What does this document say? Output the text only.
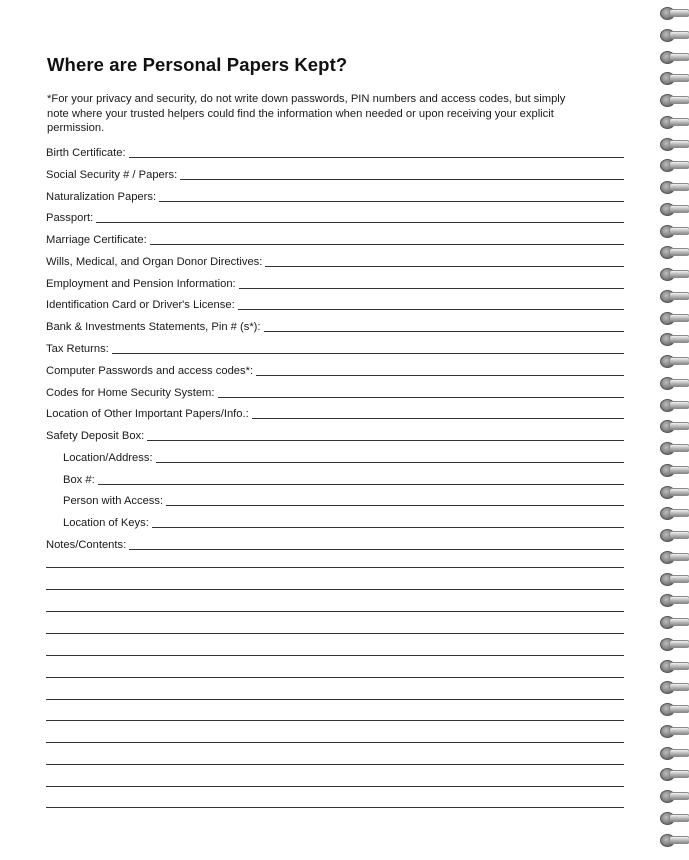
Where are Personal Papers Kept?

*For your privacy and security, do not write down passwords, PIN numbers and access codes, but simply note where your trusted helpers could find the information when needed or upon receiving your explicit permission.

Birth Certificate:
Social Security # / Papers:
Naturalization Papers:
Passport:
Marriage Certificate:
Wills, Medical, and Organ Donor Directives:
Employment and Pension Information:
Identification Card or Driver's License:
Bank & Investments Statements, Pin # (s*):
Tax Returns:
Computer Passwords and access codes*:
Codes for Home Security System:
Location of Other Important Papers/Info.:
Safety Deposit Box:
Location/Address:
Box #:
Person with Access:
Location of Keys:
Notes/Contents:
